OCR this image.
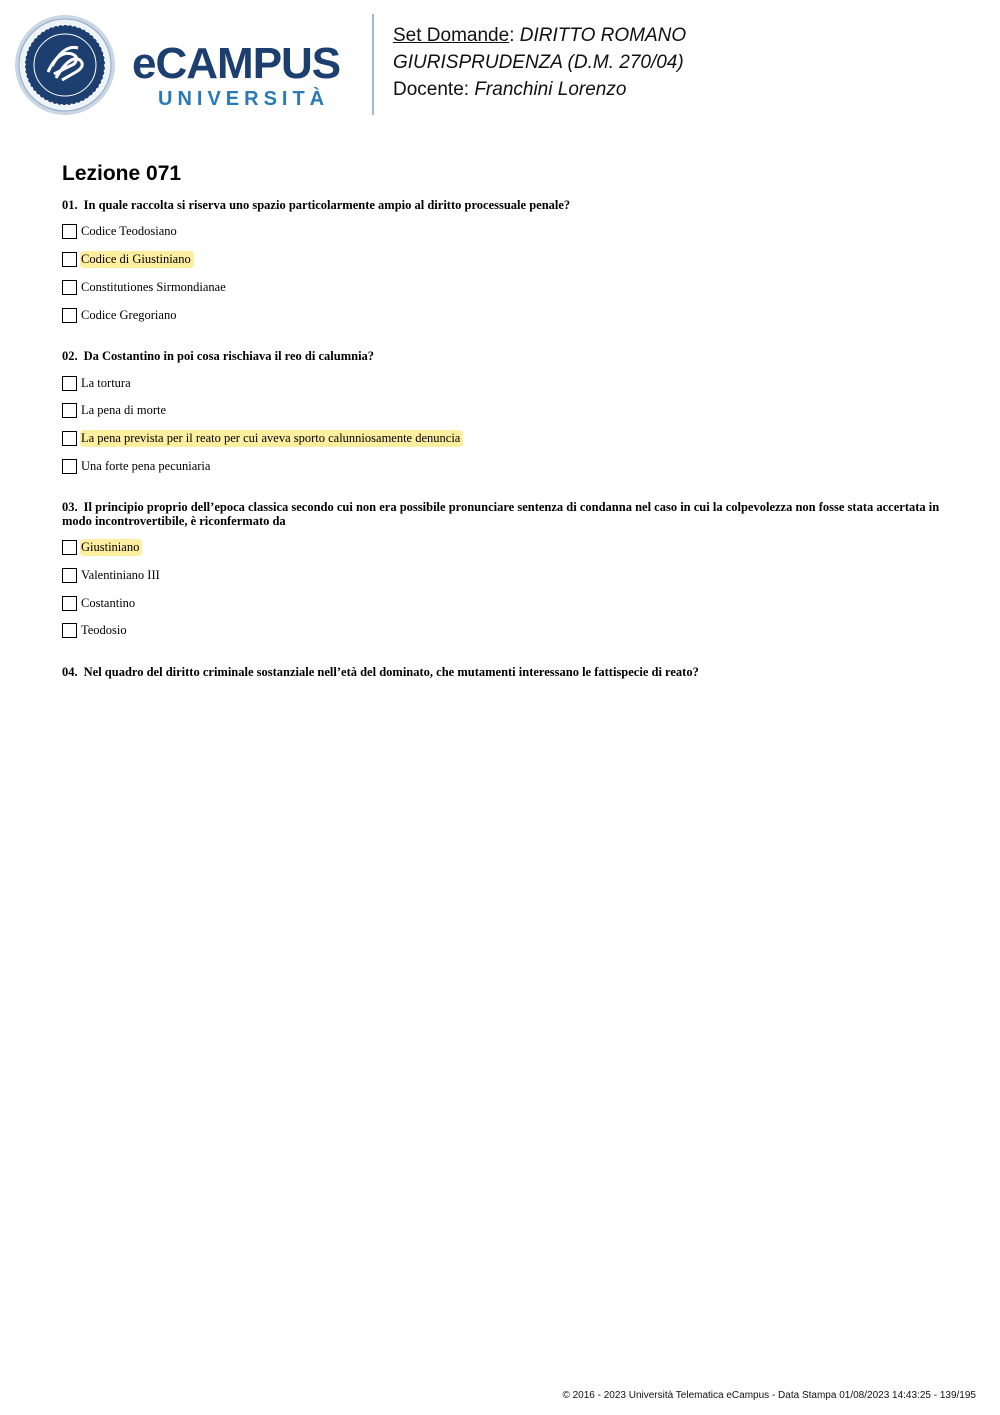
eCAMPUS
UNIVERSITÀ
Set Domande: DIRITTO ROMANO
GIURISPRUDENZA (D.M. 270/04)
Docente: Franchini Lorenzo
Lezione 071
01. In quale raccolta si riserva uno spazio particolarmente ampio al diritto processuale penale?
Codice Teodosiano
Codice di Giustiniano
Constitutiones Sirmondianae
Codice Gregoriano
02. Da Costantino in poi cosa rischiava il reo di calumnia?
La tortura
La pena di morte
La pena prevista per il reato per cui aveva sporto calunniosamente denuncia
Una forte pena pecuniaria
03. Il principio proprio dell’epoca classica secondo cui non era possibile pronunciare sentenza di condanna nel caso in cui la colpevolezza non fosse stata accertata in modo incontrovertibile, è riconfermato da
Giustiniano
Valentiniano III
Costantino
Teodosio
04. Nel quadro del diritto criminale sostanziale nell’età del dominato, che mutamenti interessano le fattispecie di reato?
© 2016 - 2023 Università Telematica eCampus - Data Stampa 01/08/2023 14:43:25 - 139/195
